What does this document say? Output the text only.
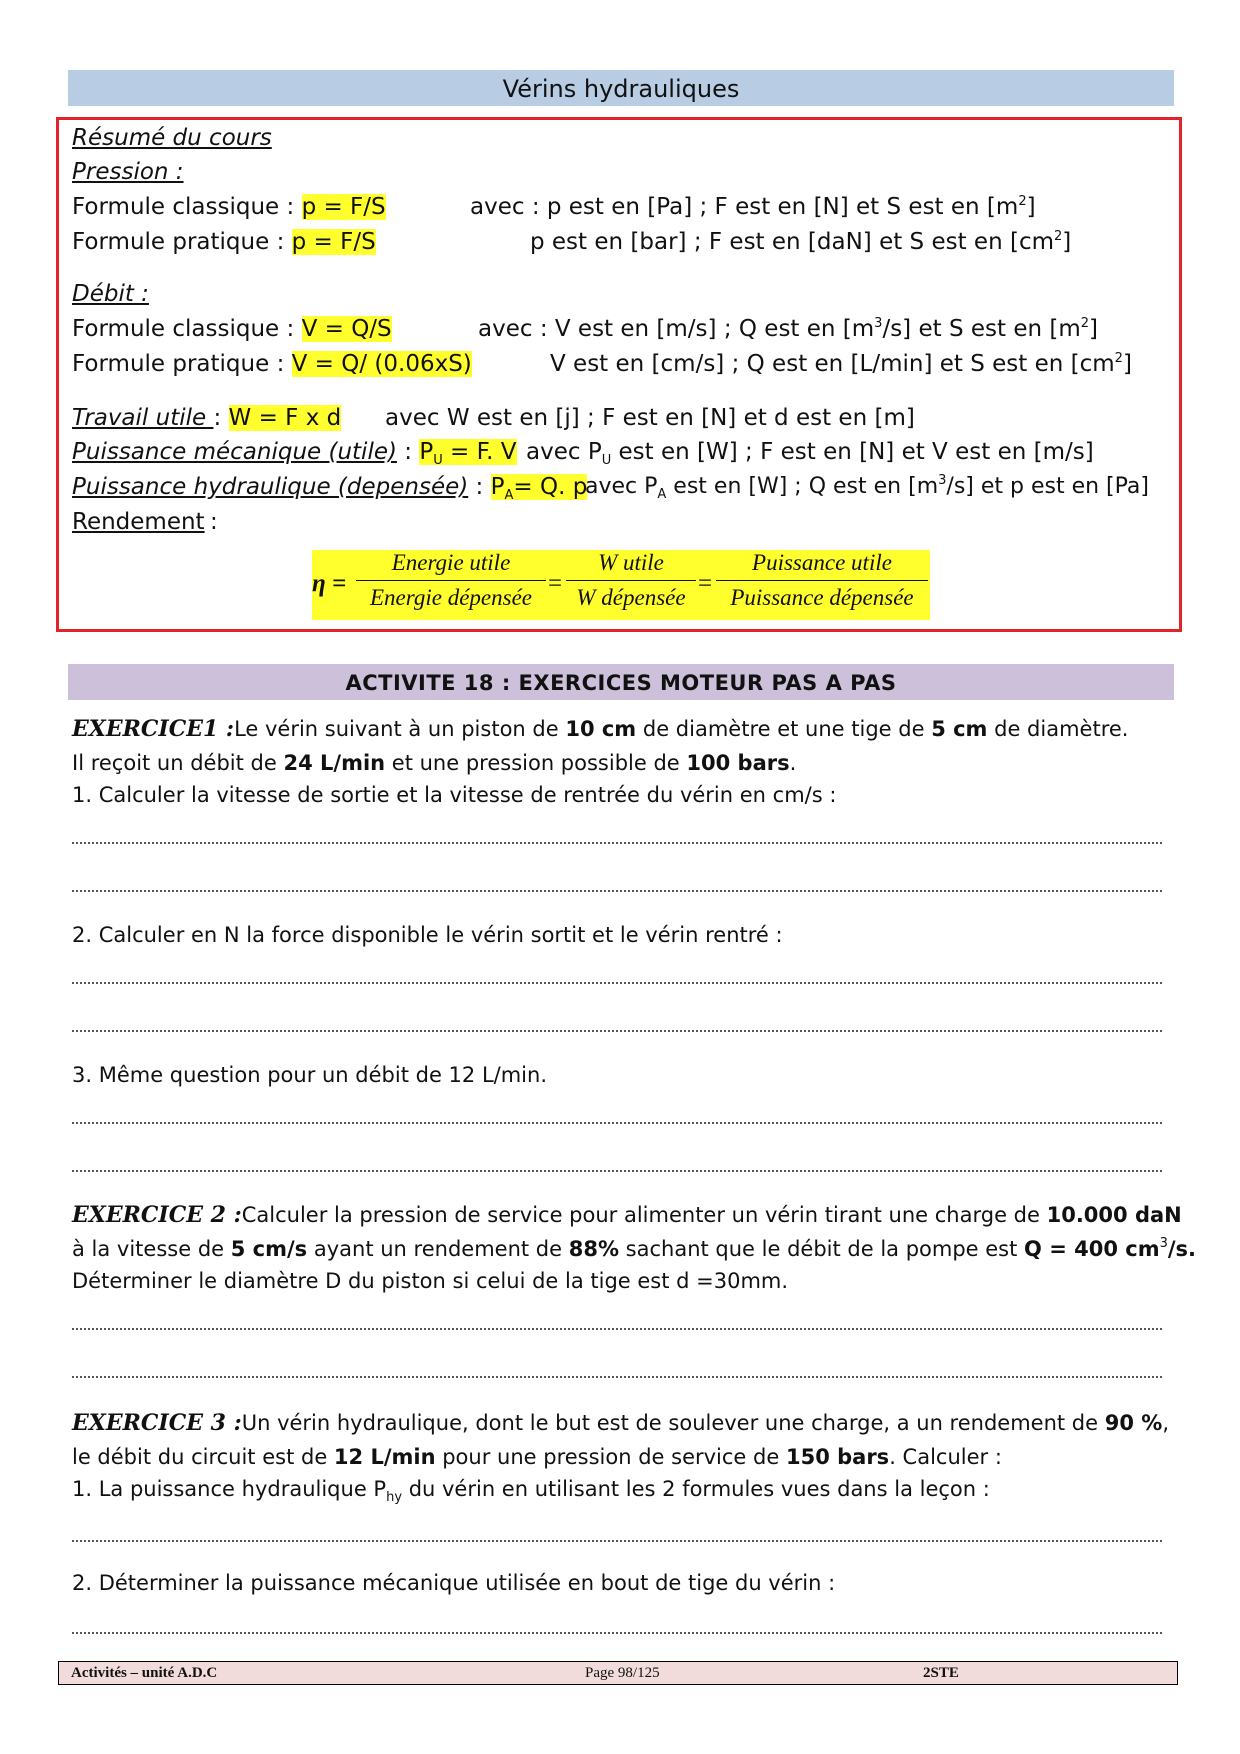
Vérins hydrauliques
Résumé du cours
Pression :
Formule classique : p = F/S	avec : p est en [Pa] ; F est en [N] et S est en $[m^2]$
Formule pratique : p = F/S	p est en [bar] ; F est en [daN] et S est en $[cm^2]$
Débit :
Formule classique : V = Q/S	avec : V est en [m/s] ; Q est en $[m^3/s]$ et S est en $[m^2]$
Formule pratique : V = Q/ (0.06xS)	V est en [cm/s] ; Q est en [L/min] et S est en $[cm^2]$
Travail utile : W = F x d avec W est en [j] ; F est en [N] et d est en [m]
Puissance mécanique (utile) : $P_U = F$. V avec $P_U$ est en [W] ; F est en [N] et V est en [m/s]
Puissance hydraulique (depensée) : $P_A= Q$. p
avec $P_A$ est en [W] ; Q est en $[m^3/s]$ et p est en [Pa]
Rendement :
η =
Energie utile
Energie dépensée
=
W utile
W dépensée
=
Puissance utile
Puissance dépensée
ACTIVITE 18 : EXERCICES MOTEUR PAS A PAS
EXERCICE1 :Le vérin suivant à un piston de 10 cm de diamètre et une tige de 5 cm de diamètre.
Il reçoit un débit de 24 L/min et une pression possible de 100 bars.
1. Calculer la vitesse de sortie et la vitesse de rentrée du vérin en cm/s :
2. Calculer en N la force disponible le vérin sortit et le vérin rentré :
3. Même question pour un débit de 12 L/min.
EXERCICE 2 :Calculer la pression de service pour alimenter un vérin tirant une charge de 10.000 daN
à la vitesse de 5 cm/s ayant un rendement de 88% sachant que le débit de la pompe est Q = 400 $cm^3/s$.
Déterminer le diamètre D du piston si celui de la tige est d =30mm.
EXERCICE 3 :Un vérin hydraulique, dont le but est de soulever une charge, a un rendement de 90 %,
le débit du circuit est de 12 L/min pour une pression de service de 150 bars. Calculer :
1. La puissance hydraulique $P_{hy}$ du vérin en utilisant les 2 formules vues dans la leçon :
2. Déterminer la puissance mécanique utilisée en bout de tige du vérin :
Activités – unité A.D.C	Page 98/125	2STE
